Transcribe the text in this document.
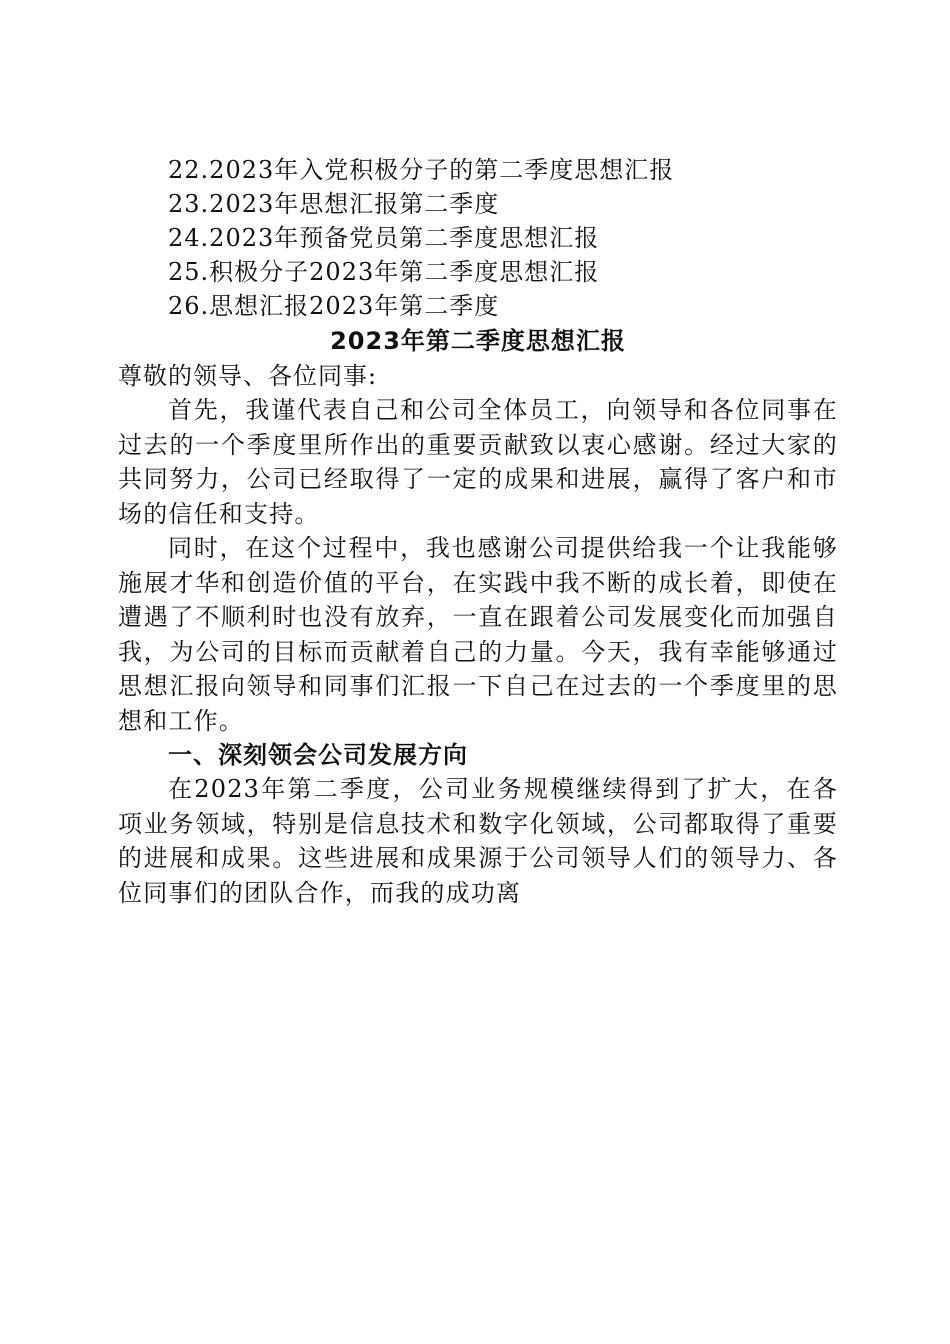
22.2023年入党积极分子的第二季度思想汇报
23.2023年思想汇报第二季度
24.2023年预备党员第二季度思想汇报
25.积极分子2023年第二季度思想汇报
26.思想汇报2023年第二季度
2023年第二季度思想汇报
尊敬的领导、各位同事:

首先，我谨代表自己和公司全体员工，向领导和各位同事在过去的一个季度里所作出的重要贡献致以衷心感谢。经过大家的共同努力，公司已经取得了一定的成果和进展，赢得了客户和市场的信任和支持。

同时，在这个过程中，我也感谢公司提供给我一个让我能够施展才华和创造价值的平台，在实践中我不断的成长着，即使在遭遇了不顺利时也没有放弃，一直在跟着公司发展变化而加强自我，为公司的目标而贡献着自己的力量。今天，我有幸能够通过思想汇报向领导和同事们汇报一下自己在过去的一个季度里的思想和工作。

一、深刻领会公司发展方向

在2023年第二季度，公司业务规模继续得到了扩大，在各项业务领域，特别是信息技术和数字化领域，公司都取得了重要的进展和成果。这些进展和成果源于公司领导人们的领导力、各位同事们的团队合作，而我的成功离
